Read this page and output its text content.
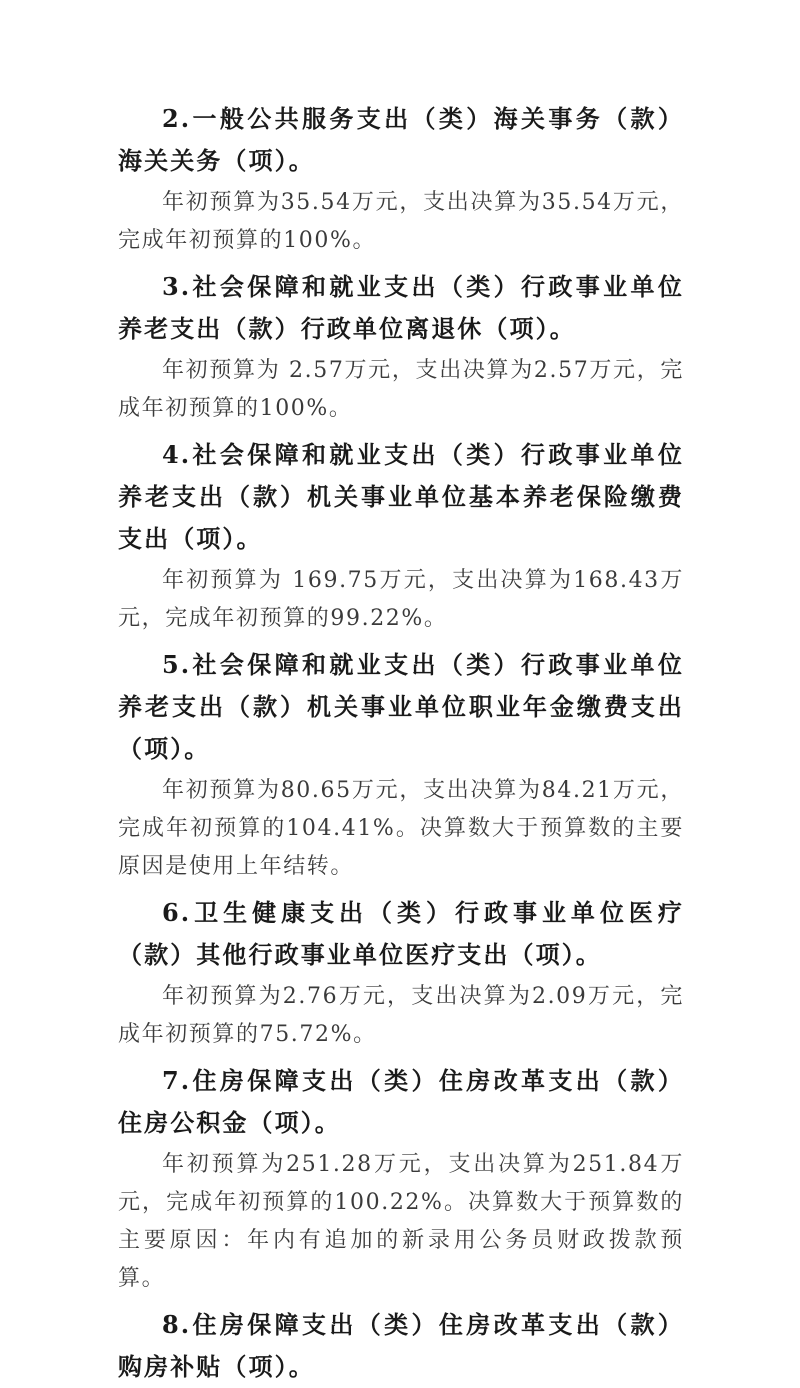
2.一般公共服务支出（类）海关事务（款）海关关务（项）。

年初预算为35.54万元，支出决算为35.54万元，完成年初预算的100%。

3.社会保障和就业支出（类）行政事业单位养老支出（款）行政单位离退休（项）。

年初预算为 2.57万元，支出决算为2.57万元，完成年初预算的100%。

4.社会保障和就业支出（类）行政事业单位养老支出（款）机关事业单位基本养老保险缴费支出（项）。

年初预算为 169.75万元，支出决算为168.43万元，完成年初预算的99.22%。

5.社会保障和就业支出（类）行政事业单位养老支出（款）机关事业单位职业年金缴费支出（项）。

年初预算为80.65万元，支出决算为84.21万元，完成年初预算的104.41%。决算数大于预算数的主要原因是使用上年结转。

6.卫生健康支出（类）行政事业单位医疗（款）其他行政事业单位医疗支出（项）。

年初预算为2.76万元，支出决算为2.09万元，完成年初预算的75.72%。

7.住房保障支出（类）住房改革支出（款）住房公积金（项）。

年初预算为251.28万元，支出决算为251.84万元，完成年初预算的100.22%。决算数大于预算数的主要原因：年内有追加的新录用公务员财政拨款预算。

8.住房保障支出（类）住房改革支出（款）购房补贴（项）。
